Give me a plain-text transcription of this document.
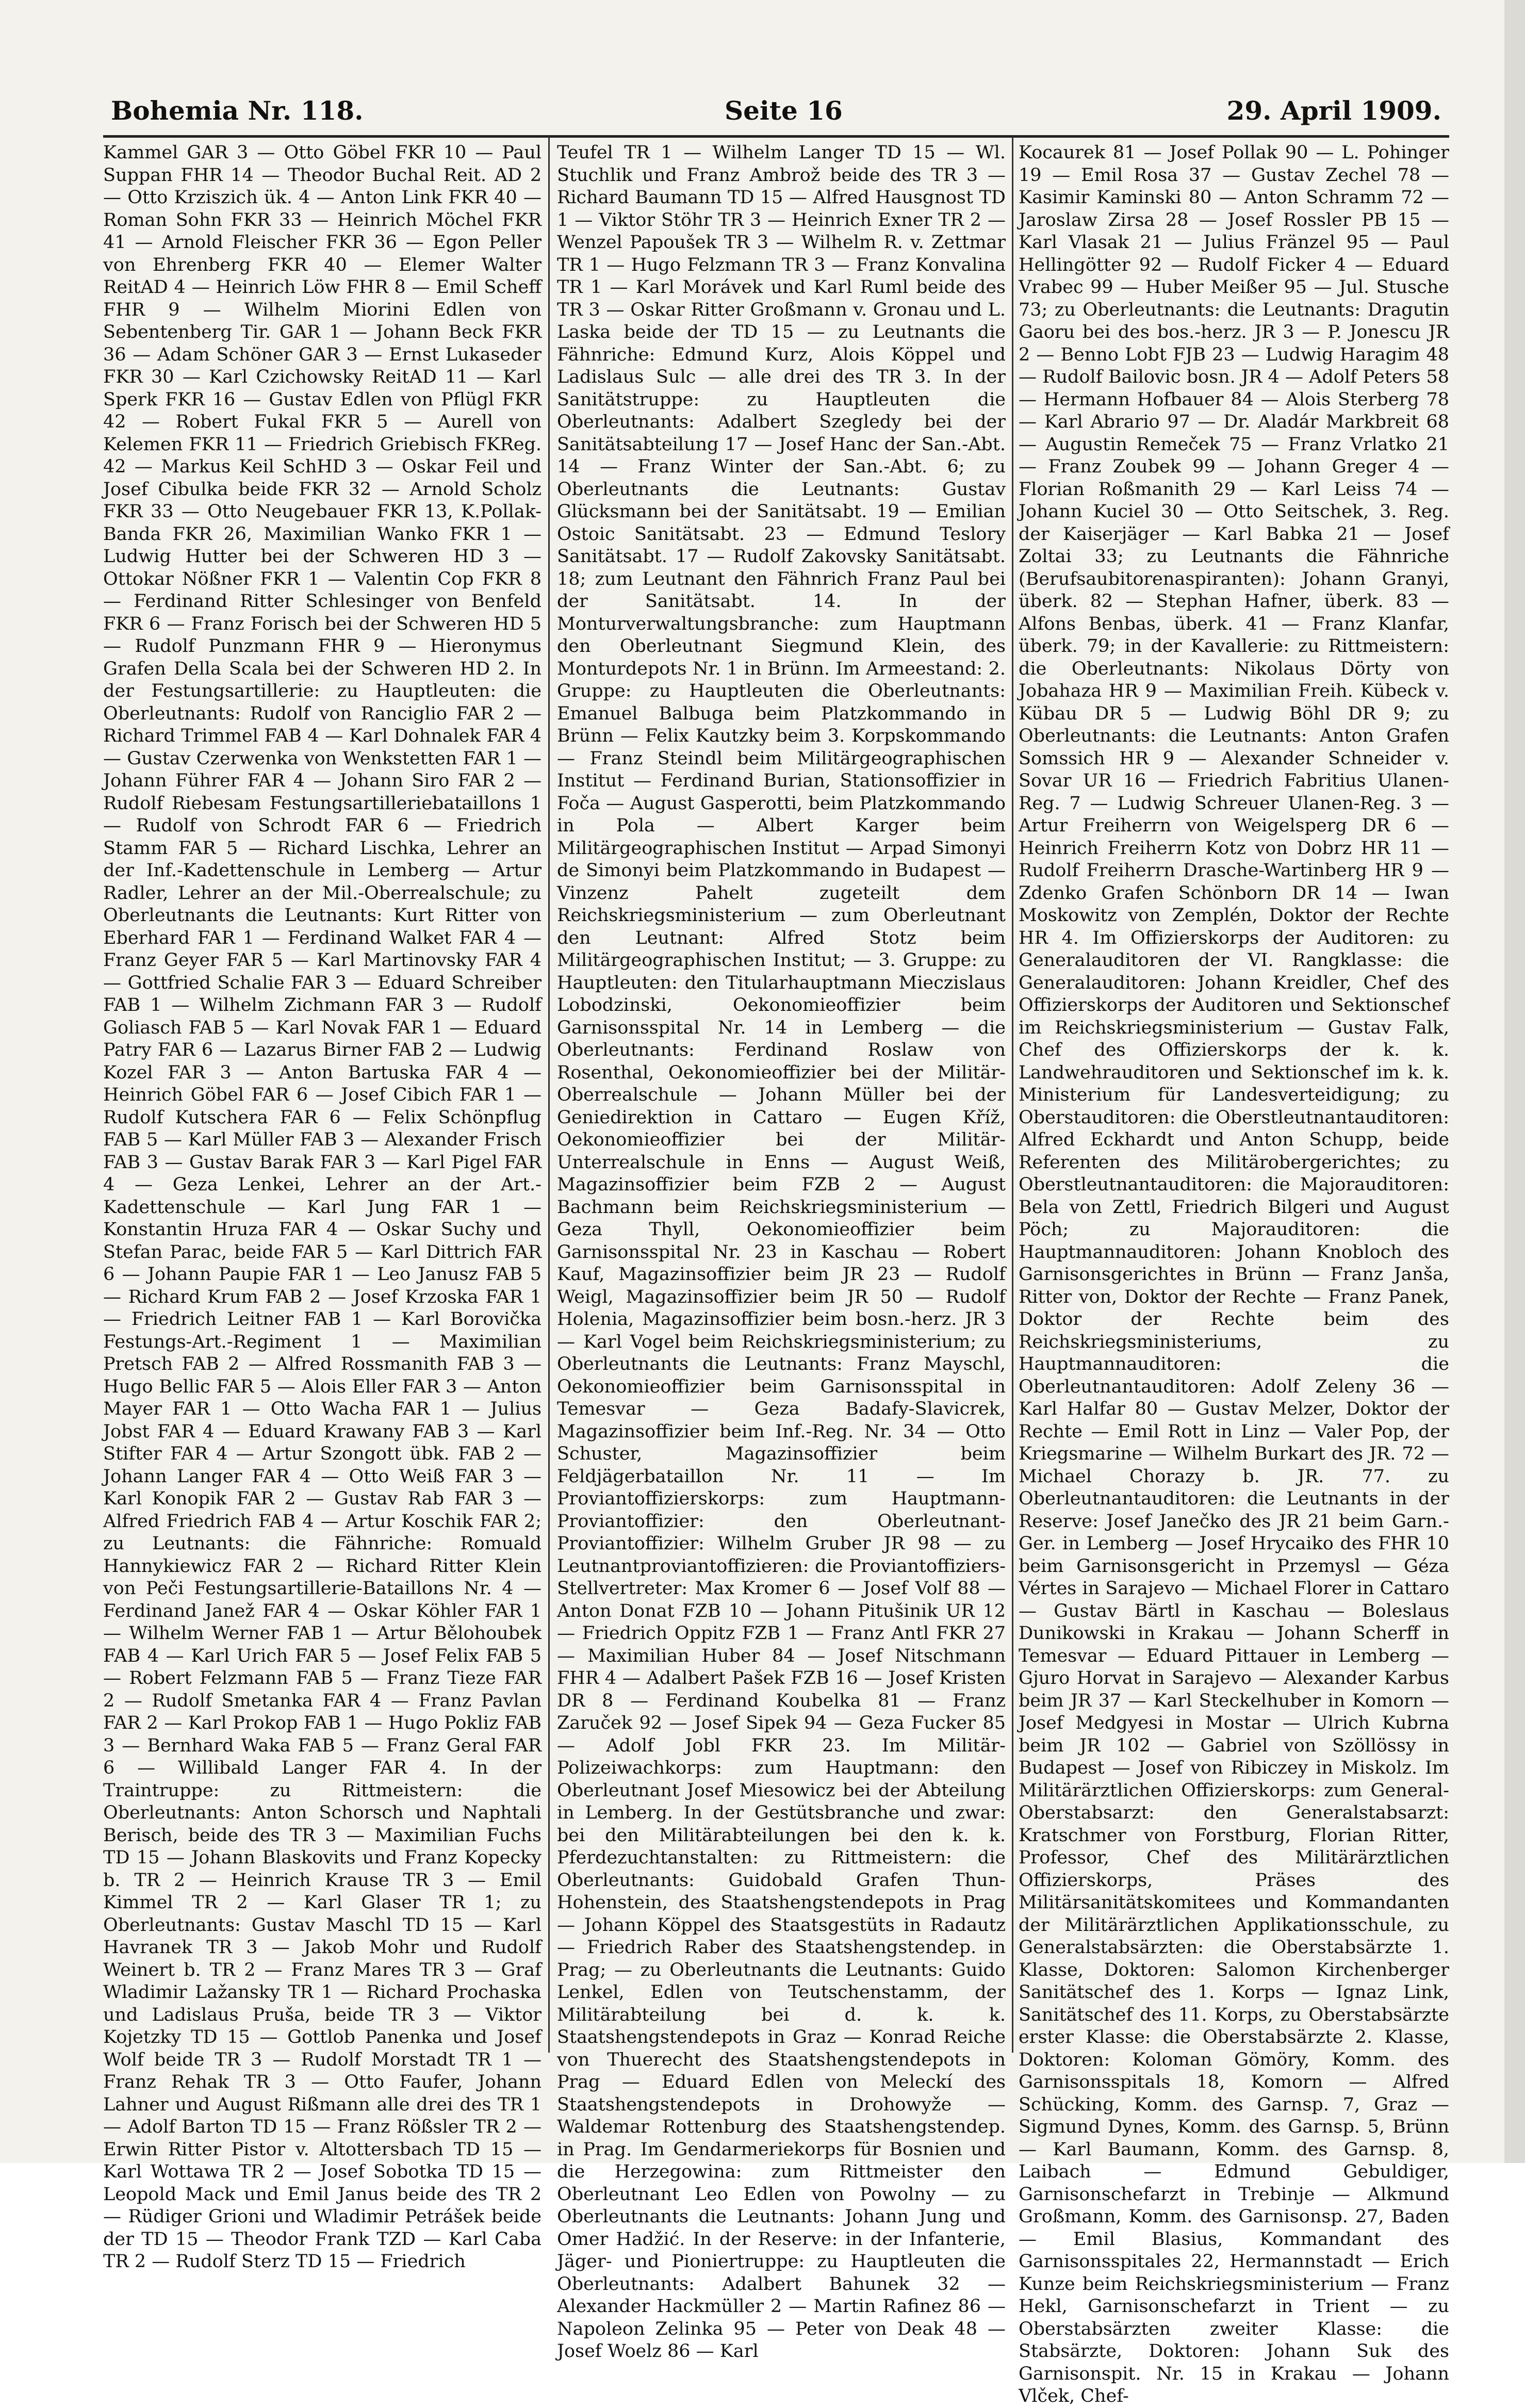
Bohemia Nr. 118.	Seite 16	29. April 1909.

Kammel GAR 3 — Otto Göbel FKR 10 — Paul Suppan FHR 14 — Theodor Buchal Reit. AD 2 — Otto Krziszich ük. 4 — Anton Link FKR 40 — Roman Sohn FKR 33 — Heinrich Möchel FKR 41 — Arnold Fleischer FKR 36 — Egon Peller von Ehrenberg FKR 40 — Elemer Walter ReitAD 4 — Heinrich Löw FHR 8 — Emil Scheff FHR 9 — Wilhelm Miorini Edlen von Sebentenberg Tir. GAR 1 — Johann Beck FKR 36 — Adam Schöner GAR 3 — Ernst Lukaseder FKR 30 — Karl Czichowsky ReitAD 11 — Karl Sperk FKR 16 — Gustav Edlen von Pflügl FKR 42 — Robert Fukal FKR 5 — Aurell von Kelemen FKR 11 — Friedrich Griebisch FKReg. 42 — Markus Keil SchHD 3 — Oskar Feil und Josef Cibulka beide FKR 32 — Arnold Scholz FKR 33 — Otto Neugebauer FKR 13, K.Pollak-Banda FKR 26, Maximilian Wanko FKR 1 — Ludwig Hutter bei der Schweren HD 3 — Ottokar Nößner FKR 1 — Valentin Cop FKR 8 — Ferdinand Ritter Schlesinger von Benfeld FKR 6 — Franz Forisch bei der Schweren HD 5 — Rudolf Punzmann FHR 9 — Hieronymus Grafen Della Scala bei der Schweren HD 2. In der Festungsartillerie: zu Hauptleuten: die Oberleutnants: Rudolf von Ranciglio FAR 2 — Richard Trimmel FAB 4 — Karl Dohnalek FAR 4 — Gustav Czerwenka von Wenkstetten FAR 1 — Johann Führer FAR 4 — Johann Siro FAR 2 — Rudolf Riebesam Festungsartilleriebataillons 1 — Rudolf von Schrodt FAR 6 — Friedrich Stamm FAR 5 — Richard Lischka, Lehrer an der Inf.-Kadettenschule in Lemberg — Artur Radler, Lehrer an der Mil.-Oberrealschule; zu Oberleutnants die Leutnants: Kurt Ritter von Eberhard FAR 1 — Ferdinand Walket FAR 4 — Franz Geyer FAR 5 — Karl Martinovsky FAR 4 — Gottfried Schalie FAR 3 — Eduard Schreiber FAB 1 — Wilhelm Zichmann FAR 3 — Rudolf Goliasch FAB 5 — Karl Novak FAR 1 — Eduard Patry FAR 6 — Lazarus Birner FAB 2 — Ludwig Kozel FAR 3 — Anton Bartuska FAR 4 — Heinrich Göbel FAR 6 — Josef Cibich FAR 1 — Rudolf Kutschera FAR 6 — Felix Schönpflug FAB 5 — Karl Müller FAB 3 — Alexander Frisch FAB 3 — Gustav Barak FAR 3 — Karl Pigel FAR 4 — Geza Lenkei, Lehrer an der Art.-Kadettenschule — Karl Jung FAR 1 — Konstantin Hruza FAR 4 — Oskar Suchy und Stefan Parac, beide FAR 5 — Karl Dittrich FAR 6 — Johann Paupie FAR 1 — Leo Janusz FAB 5 — Richard Krum FAB 2 — Josef Krzoska FAR 1 — Friedrich Leitner FAB 1 — Karl Borovička Festungs-Art.-Regiment 1 — Maximilian Pretsch FAB 2 — Alfred Rossmanith FAB 3 — Hugo Bellic FAR 5 — Alois Eller FAR 3 — Anton Mayer FAR 1 — Otto Wacha FAR 1 — Julius Jobst FAR 4 — Eduard Krawany FAB 3 — Karl Stifter FAR 4 — Artur Szongott übk. FAB 2 — Johann Langer FAR 4 — Otto Weiß FAR 3 — Karl Konopik FAR 2 — Gustav Rab FAR 3 — Alfred Friedrich FAB 4 — Artur Koschik FAR 2; zu Leutnants: die Fähnriche: Romuald Hannykiewicz FAR 2 — Richard Ritter Klein von Peči Festungsartillerie-Bataillons Nr. 4 — Ferdinand Janež FAR 4 — Oskar Köhler FAR 1 — Wilhelm Werner FAB 1 — Artur Bělohoubek FAB 4 — Karl Urich FAR 5 — Josef Felix FAB 5 — Robert Felzmann FAB 5 — Franz Tieze FAR 2 — Rudolf Smetanka FAR 4 — Franz Pavlan FAR 2 — Karl Prokop FAB 1 — Hugo Pokliz FAB 3 — Bernhard Waka FAB 5 — Franz Geral FAR 6 — Willibald Langer FAR 4. In der Traintruppe: zu Rittmeistern: die Oberleutnants: Anton Schorsch und Naphtali Berisch, beide des TR 3 — Maximilian Fuchs TD 15 — Johann Blaskovits und Franz Kopecky b. TR 2 — Heinrich Krause TR 3 — Emil Kimmel TR 2 — Karl Glaser TR 1; zu Oberleutnants: Gustav Maschl TD 15 — Karl Havranek TR 3 — Jakob Mohr und Rudolf Weinert b. TR 2 — Franz Mares TR 3 — Graf Wladimir Lažansky TR 1 — Richard Prochaska und Ladislaus Pruša, beide TR 3 — Viktor Kojetzky TD 15 — Gottlob Panenka und Josef Wolf beide TR 3 — Rudolf Morstadt TR 1 — Franz Rehak TR 3 — Otto Faufer, Johann Lahner und August Rißmann alle drei des TR 1 — Adolf Barton TD 15 — Franz Rößsler TR 2 — Erwin Ritter Pistor v. Altottersbach TD 15 — Karl Wottawa TR 2 — Josef Sobotka TD 15 — Leopold Mack und Emil Janus beide des TR 2 — Rüdiger Grioni und Wladimir Petrášek beide der TD 15 — Theodor Frank TZD — Karl Caba TR 2 — Rudolf Sterz TD 15 — Friedrich

Teufel TR 1 — Wilhelm Langer TD 15 — Wl. Stuchlik und Franz Ambrož beide des TR 3 — Richard Baumann TD 15 — Alfred Hausgnost TD 1 — Viktor Stöhr TR 3 — Heinrich Exner TR 2 — Wenzel Papoušek TR 3 — Wilhelm R. v. Zettmar TR 1 — Hugo Felzmann TR 3 — Franz Konvalina TR 1 — Karl Morávek und Karl Ruml beide des TR 3 — Oskar Ritter Großmann v. Gronau und L. Laska beide der TD 15 — zu Leutnants die Fähnriche: Edmund Kurz, Alois Köppel und Ladislaus Sulc — alle drei des TR 3. In der Sanitätstruppe: zu Hauptleuten die Oberleutnants: Adalbert Szegledy bei der Sanitätsabteilung 17 — Josef Hanc der San.-Abt. 14 — Franz Winter der San.-Abt. 6; zu Oberleutnants die Leutnants: Gustav Glücksmann bei der Sanitätsabt. 19 — Emilian Ostoic Sanitätsabt. 23 — Edmund Teslory Sanitätsabt. 17 — Rudolf Zakovsky Sanitätsabt. 18; zum Leutnant den Fähnrich Franz Paul bei der Sanitätsabt. 14. In der Monturverwaltungsbranche: zum Hauptmann den Oberleutnant Siegmund Klein, des Monturdepots Nr. 1 in Brünn. Im Armeestand: 2. Gruppe: zu Hauptleuten die Oberleutnants: Emanuel Balbuga beim Platzkommando in Brünn — Felix Kautzky beim 3. Korpskommando — Franz Steindl beim Militärgeographischen Institut — Ferdinand Burian, Stationsoffizier in Foča — August Gasperotti, beim Platzkommando in Pola — Albert Karger beim Militärgeographischen Institut — Arpad Simonyi de Simonyi beim Platzkommando in Budapest — Vinzenz Pahelt zugeteilt dem Reichskriegsministerium — zum Oberleutnant den Leutnant: Alfred Stotz beim Militärgeographischen Institut; — 3. Gruppe: zu Hauptleuten: den Titularhauptmann Mieczislaus Lobodzinski, Oekonomieoffizier beim Garnisonsspital Nr. 14 in Lemberg — die Oberleutnants: Ferdinand Roslaw von Rosenthal, Oekonomieoffizier bei der Militär-Oberrealschule — Johann Müller bei der Geniedirektion in Cattaro — Eugen Kříž, Oekonomieoffizier bei der Militär-Unterrealschule in Enns — August Weiß, Magazinsoffizier beim FZB 2 — August Bachmann beim Reichskriegsministerium — Geza Thyll, Oekonomieoffizier beim Garnisonsspital Nr. 23 in Kaschau — Robert Kauf, Magazinsoffizier beim JR 23 — Rudolf Weigl, Magazinsoffizier beim JR 50 — Rudolf Holenia, Magazinsoffizier beim bosn.-herz. JR 3 — Karl Vogel beim Reichskriegsministerium; zu Oberleutnants die Leutnants: Franz Mayschl, Oekonomieoffizier beim Garnisonsspital in Temesvar — Geza Badafy-Slavicrek, Magazinsoffizier beim Inf.-Reg. Nr. 34 — Otto Schuster, Magazinsoffizier beim Feldjägerbataillon Nr. 11 — Im Proviantoffizierskorps: zum Hauptmann-Proviantoffizier: den Oberleutnant-Proviantoffizier: Wilhelm Gruber JR 98 — zu Leutnantproviantoffizieren: die Proviantoffiziers-Stellvertreter: Max Kromer 6 — Josef Volf 88 — Anton Donat FZB 10 — Johann Pitušinik UR 12 — Friedrich Oppitz FZB 1 — Franz Antl FKR 27 — Maximilian Huber 84 — Josef Nitschmann FHR 4 — Adalbert Pašek FZB 16 — Josef Kristen DR 8 — Ferdinand Koubelka 81 — Franz Zaruček 92 — Josef Sipek 94 — Geza Fucker 85 — Adolf Jobl FKR 23. Im Militär-Polizeiwachkorps: zum Hauptmann: den Oberleutnant Josef Miesowicz bei der Abteilung in Lemberg. In der Gestütsbranche und zwar: bei den Militärabteilungen bei den k. k. Pferdezuchtanstalten: zu Rittmeistern: die Oberleutnants: Guidobald Grafen Thun-Hohenstein, des Staatshengstendepots in Prag — Johann Köppel des Staatsgestüts in Radautz — Friedrich Raber des Staatshengstendep. in Prag; — zu Oberleutnants die Leutnants: Guido Lenkel, Edlen von Teutschenstamm, der Militärabteilung bei d. k. k. Staatshengstendepots in Graz — Konrad Reiche von Thuerecht des Staatshengstendepots in Prag — Eduard Edlen von Meleckí des Staatshengstendepots in Drohowyže — Waldemar Rottenburg des Staatshengstendep. in Prag. Im Gendarmeriekorps für Bosnien und die Herzegowina: zum Rittmeister den Oberleutnant Leo Edlen von Powolny — zu Oberleutnants die Leutnants: Johann Jung und Omer Hadžić. In der Reserve: in der Infanterie, Jäger- und Pioniertruppe: zu Hauptleuten die Oberleutnants: Adalbert Bahunek 32 — Alexander Hackmüller 2 — Martin Rafinez 86 — Napoleon Zelinka 95 — Peter von Deak 48 — Josef Woelz 86 — Karl

Kocaurek 81 — Josef Pollak 90 — L. Pohinger 19 — Emil Rosa 37 — Gustav Zechel 78 — Kasimir Kaminski 80 — Anton Schramm 72 — Jaroslaw Zirsa 28 — Josef Rossler PB 15 — Karl Vlasak 21 — Julius Fränzel 95 — Paul Hellingötter 92 — Rudolf Ficker 4 — Eduard Vrabec 99 — Huber Meißer 95 — Jul. Stusche 73; zu Oberleutnants: die Leutnants: Dragutin Gaoru bei des bos.-herz. JR 3 — P. Jonescu JR 2 — Benno Lobt FJB 23 — Ludwig Haragim 48 — Rudolf Bailovic bosn. JR 4 — Adolf Peters 58 — Hermann Hofbauer 84 — Alois Sterberg 78 — Karl Abrario 97 — Dr. Aladár Markbreit 68 — Augustin Remeček 75 — Franz Vrlatko 21 — Franz Zoubek 99 — Johann Greger 4 — Florian Roßmanith 29 — Karl Leiss 74 — Johann Kuciel 30 — Otto Seitschek, 3. Reg. der Kaiserjäger — Karl Babka 21 — Josef Zoltai 33; zu Leutnants die Fähnriche (Berufsaubitorenaspiranten): Johann Granyi, überk. 82 — Stephan Hafner, überk. 83 — Alfons Benbas, überk. 41 — Franz Klanfar, überk. 79; in der Kavallerie: zu Rittmeistern: die Oberleutnants: Nikolaus Dörty von Jobahaza HR 9 — Maximilian Freih. Kübeck v. Kübau DR 5 — Ludwig Böhl DR 9; zu Oberleutnants: die Leutnants: Anton Grafen Somssich HR 9 — Alexander Schneider v. Sovar UR 16 — Friedrich Fabritius Ulanen-Reg. 7 — Ludwig Schreuer Ulanen-Reg. 3 — Artur Freiherrn von Weigelsperg DR 6 — Heinrich Freiherrn Kotz von Dobrz HR 11 — Rudolf Freiherrn Drasche-Wartinberg HR 9 — Zdenko Grafen Schönborn DR 14 — Iwan Moskowitz von Zemplén, Doktor der Rechte HR 4. Im Offizierskorps der Auditoren: zu Generalauditoren der VI. Rangklasse: die Generalauditoren: Johann Kreidler, Chef des Offizierskorps der Auditoren und Sektionschef im Reichskriegsministerium — Gustav Falk, Chef des Offizierskorps der k. k. Landwehrauditoren und Sektionschef im k. k. Ministerium für Landesverteidigung; zu Oberstauditoren: die Oberstleutnantauditoren: Alfred Eckhardt und Anton Schupp, beide Referenten des Militärobergerichtes; zu Oberstleutnantauditoren: die Majorauditoren: Bela von Zettl, Friedrich Bilgeri und August Pöch; zu Majorauditoren: die Hauptmannauditoren: Johann Knobloch des Garnisonsgerichtes in Brünn — Franz Janša, Ritter von, Doktor der Rechte — Franz Panek, Doktor der Rechte beim des Reichskriegsministeriums, zu Hauptmannauditoren: die Oberleutnantauditoren: Adolf Zeleny 36 — Karl Halfar 80 — Gustav Melzer, Doktor der Rechte — Emil Rott in Linz — Valer Pop, der Kriegsmarine — Wilhelm Burkart des JR. 72 — Michael Chorazy b. JR. 77. zu Oberleutnantauditoren: die Leutnants in der Reserve: Josef Janečko des JR 21 beim Garn.-Ger. in Lemberg — Josef Hrycaiko des FHR 10 beim Garnisonsgericht in Przemysl — Géza Vértes in Sarajevo — Michael Florer in Cattaro — Gustav Bärtl in Kaschau — Boleslaus Dunikowski in Krakau — Johann Scherff in Temesvar — Eduard Pittauer in Lemberg — Gjuro Horvat in Sarajevo — Alexander Karbus beim JR 37 — Karl Steckelhuber in Komorn — Josef Medgyesi in Mostar — Ulrich Kubrna beim JR 102 — Gabriel von Szöllössy in Budapest — Josef von Ribiczey in Miskolz. Im Militärärztlichen Offizierskorps: zum General-Oberstabsarzt: den Generalstabsarzt: Kratschmer von Forstburg, Florian Ritter, Professor, Chef des Militärärztlichen Offizierskorps, Präses des Militärsanitätskomitees und Kommandanten der Militärärztlichen Applikationsschule, zu Generalstabsärzten: die Oberstabsärzte 1. Klasse, Doktoren: Salomon Kirchenberger Sanitätschef des 1. Korps — Ignaz Link, Sanitätschef des 11. Korps, zu Oberstabsärzte erster Klasse: die Oberstabsärzte 2. Klasse, Doktoren: Koloman Gömöry, Komm. des Garnisonsspitals 18, Komorn — Alfred Schücking, Komm. des Garnsp. 7, Graz — Sigmund Dynes, Komm. des Garnsp. 5, Brünn — Karl Baumann, Komm. des Garnsp. 8, Laibach — Edmund Gebuldiger, Garnisonschefarzt in Trebinje — Alkmund Großmann, Komm. des Garnisonsp. 27, Baden — Emil Blasius, Kommandant des Garnisonsspitales 22, Hermannstadt — Erich Kunze beim Reichskriegsministerium — Franz Hekl, Garnisonschefarzt in Trient — zu Oberstabsärzten zweiter Klasse: die Stabsärzte, Doktoren: Johann Suk des Garnisonspit. Nr. 15 in Krakau — Johann Vlček, Chef-
